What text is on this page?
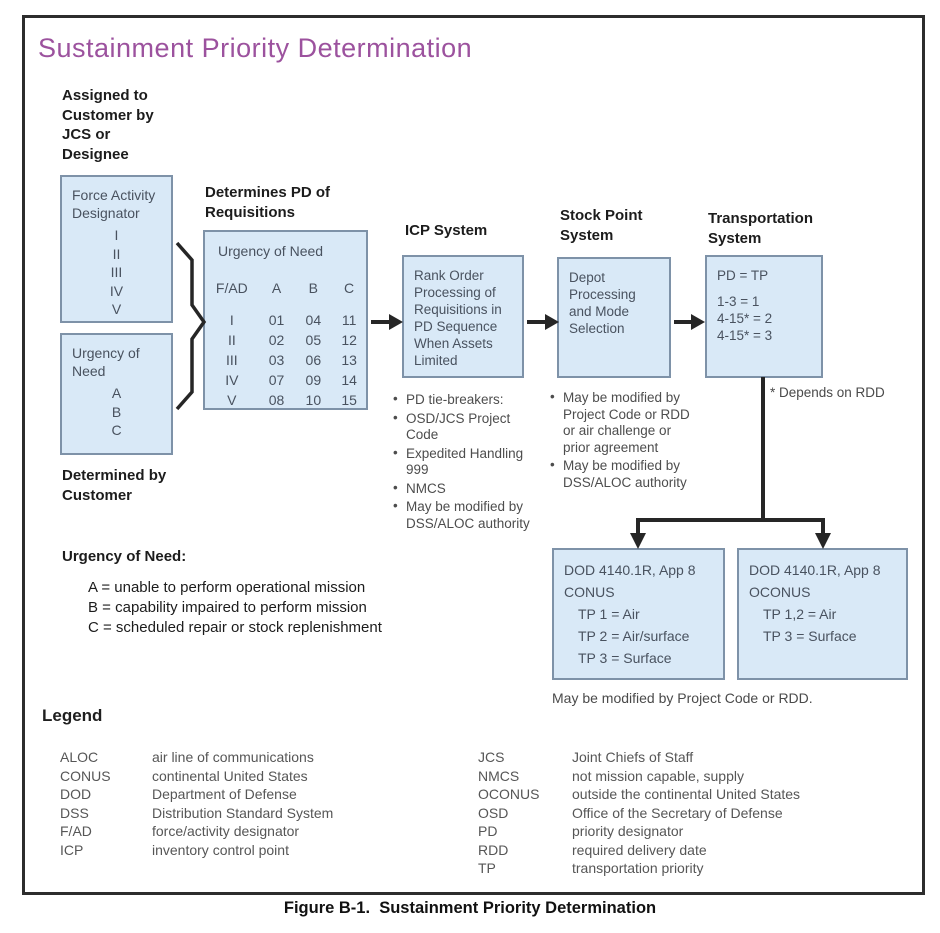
Sustainment Priority Determination
Assigned to
Customer by
JCS or
Designee
Force Activity
Designator
I
II
III
IV
V
Urgency of
Need
A
B
C
Determined by
Customer
Determines PD of
Requisitions
Urgency of Need
F/AD	A	B	C
I	01	04	11
II	02	05	12
III	03	06	13
IV	07	09	14
V	08	10	15
ICP System
Rank Order
Processing of
Requisitions in
PD Sequence
When Assets
Limited
• PD tie-breakers:
• OSD/JCS Project Code
• Expedited Handling 999
• NMCS
• May be modified by DSS/ALOC authority
Stock Point
System
Depot
Processing
and Mode
Selection
• May be modified by Project Code or RDD or air challenge or prior agreement
• May be modified by DSS/ALOC authority
Transportation
System
PD = TP
1-3 = 1
4-15* = 2
4-15* = 3
* Depends on RDD
DOD 4140.1R, App 8
CONUS
TP 1 = Air
TP 2 = Air/surface
TP 3 = Surface
DOD 4140.1R, App 8
OCONUS
TP 1,2 = Air
TP 3 = Surface
May be modified by Project Code or RDD.
Urgency of Need:
A = unable to perform operational mission
B = capability impaired to perform mission
C = scheduled repair or stock replenishment
Legend
ALOC	air line of communications
CONUS	continental United States
DOD	Department of Defense
DSS	Distribution Standard System
F/AD	force/activity designator
ICP	inventory control point
JCS	Joint Chiefs of Staff
NMCS	not mission capable, supply
OCONUS	outside the continental United States
OSD	Office of the Secretary of Defense
PD	priority designator
RDD	required delivery date
TP	transportation priority
Figure B-1.  Sustainment Priority Determination
